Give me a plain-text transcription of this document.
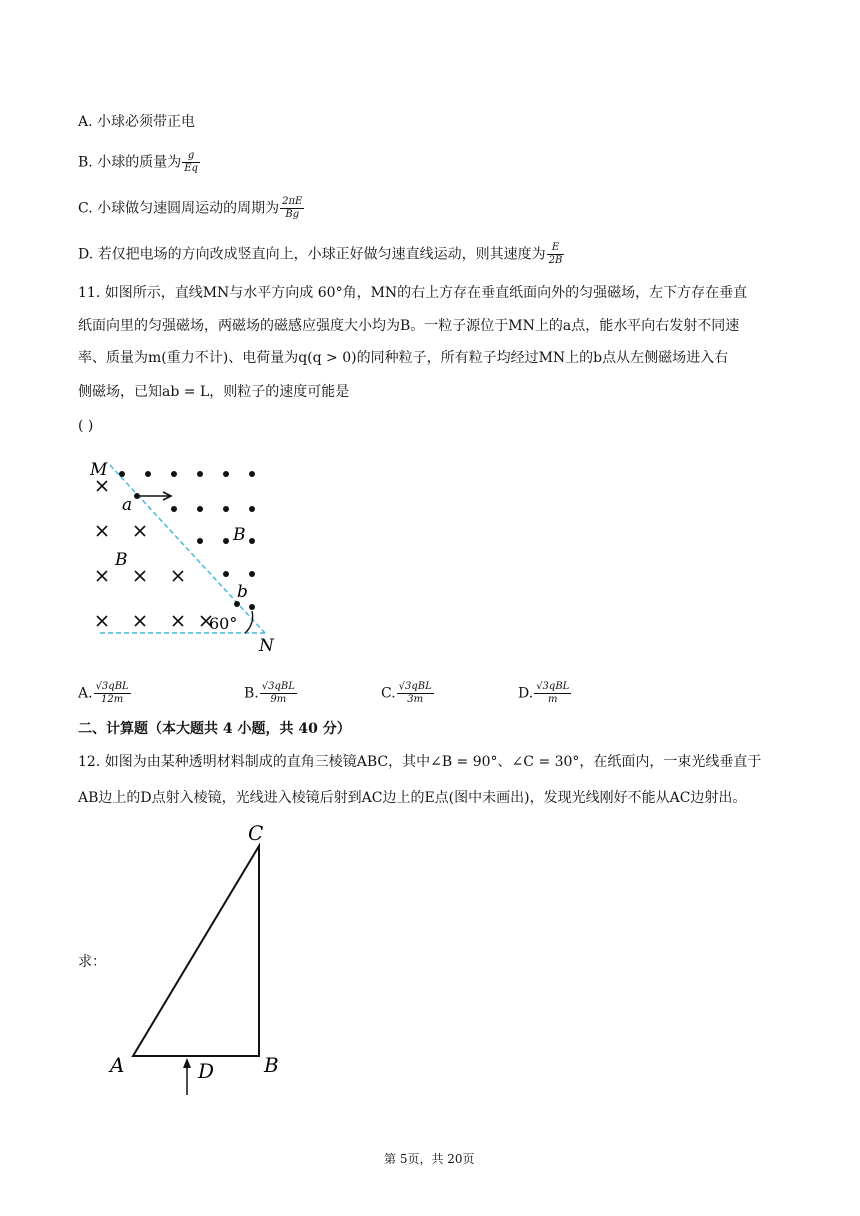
A. 小球必须带正电
B. 小球的质量为 $\frac{g}{Eq}$
C. 小球做匀速圆周运动的周期为 $\frac{2\pi E}{Bg}$
D. 若仅把电场的方向改成竖直向上，小球正好做匀速直线运动，则其速度为 $\frac{E}{2B}$
11. 如图所示，直线MN与水平方向成 60°角，MN的右上方存在垂直纸面向外的匀强磁场，左下方存在垂直
纸面向里的匀强磁场，两磁场的磁感应强度大小均为B。一粒子源位于MN上的a点，能水平向右发射不同速
率、质量为m(重力不计)、电荷量为q(q > 0)的同种粒子，所有粒子均经过MN上的b点从左侧磁场进入右
侧磁场，已知ab = L，则粒子的速度可能是
( )
M
N
a
b
B
B
60°
A. $\frac{\text{√3qBL}}{12m}$	B. $\frac{\text{√3qBL}}{9m}$	C. $\frac{\text{√3qBL}}{3m}$	D. $\frac{\text{√3qBL}}{m}$
二、计算题（本大题共 4 小题，共 40 分）
12. 如图为由某种透明材料制成的直角三棱镜ABC，其中∠B = 90°、∠C = 30°，在纸面内，一束光线垂直于
AB边上的D点射入棱镜，光线进入棱镜后射到AC边上的E点(图中未画出)，发现光线刚好不能从AC边射出。
求：
C
A	B
D
第 5页，共 20页
